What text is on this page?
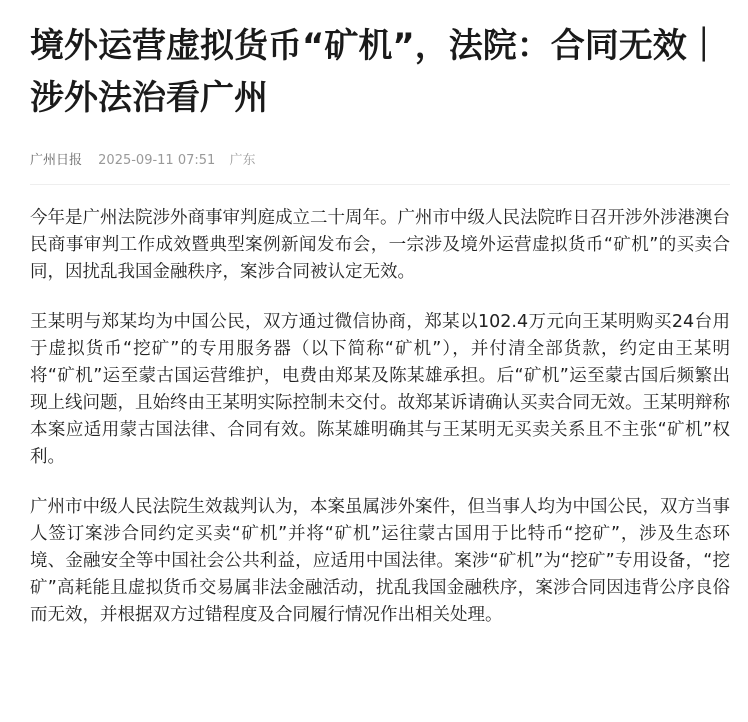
境外运营虚拟货币“矿机”，法院：合同无效｜涉外法治看广州
广州日报 2025-09-11 07:51 广东

今年是广州法院涉外商事审判庭成立二十周年。广州市中级人民法院昨日召开涉外涉港澳台民商事审判工作成效暨典型案例新闻发布会，一宗涉及境外运营虚拟货币“矿机”的买卖合同，因扰乱我国金融秩序，案涉合同被认定无效。

王某明与郑某均为中国公民，双方通过微信协商，郑某以102.4万元向王某明购买24台用于虚拟货币“挖矿”的专用服务器（以下简称“矿机”），并付清全部货款，约定由王某明将“矿机”运至蒙古国运营维护，电费由郑某及陈某雄承担。后“矿机”运至蒙古国后频繁出现上线问题，且始终由王某明实际控制未交付。故郑某诉请确认买卖合同无效。王某明辩称本案应适用蒙古国法律、合同有效。陈某雄明确其与王某明无买卖关系且不主张“矿机”权利。

广州市中级人民法院生效裁判认为，本案虽属涉外案件，但当事人均为中国公民，双方当事人签订案涉合同约定买卖“矿机”并将“矿机”运往蒙古国用于比特币“挖矿”，涉及生态环境、金融安全等中国社会公共利益，应适用中国法律。案涉“矿机”为“挖矿”专用设备，“挖矿”高耗能且虚拟货币交易属非法金融活动，扰乱我国金融秩序，案涉合同因违背公序良俗而无效，并根据双方过错程度及合同履行情况作出相关处理。
